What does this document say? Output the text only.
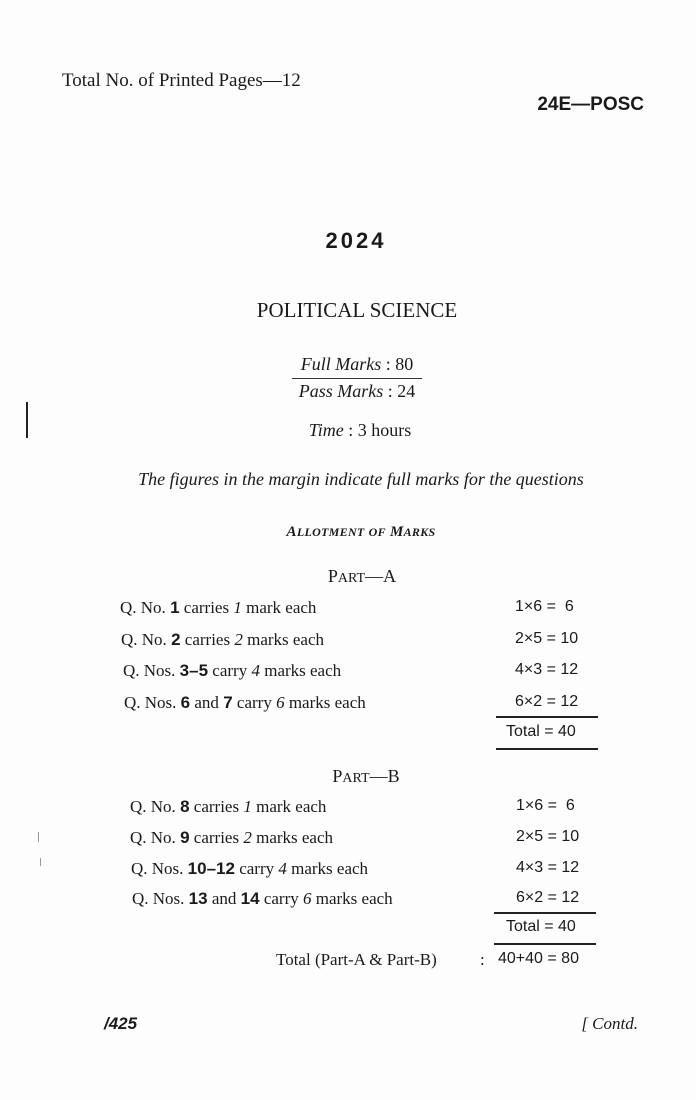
Total No. of Printed Pages—12
24E—POSC
2024
POLITICAL SCIENCE
Full Marks : 80
Pass Marks : 24
Time : 3 hours
The figures in the margin indicate full marks for the questions
ALLOTMENT OF MARKS
PART—A
Q. No. 1 carries 1 mark each
Q. No. 2 carries 2 marks each
Q. Nos. 3–5 carry 4 marks each
Q. Nos. 6 and 7 carry 6 marks each
1×6 =  6
2×5 = 10
4×3 = 12
6×2 = 12
Total = 40
PART—B
Q. No. 8 carries 1 mark each
Q. No. 9 carries 2 marks each
Q. Nos. 10–12 carry 4 marks each
Q. Nos. 13 and 14 carry 6 marks each
1×6 =  6
2×5 = 10
4×3 = 12
6×2 = 12
Total = 40
Total (Part-A & Part-B)	: 40+40 = 80
/425	[ Contd.
